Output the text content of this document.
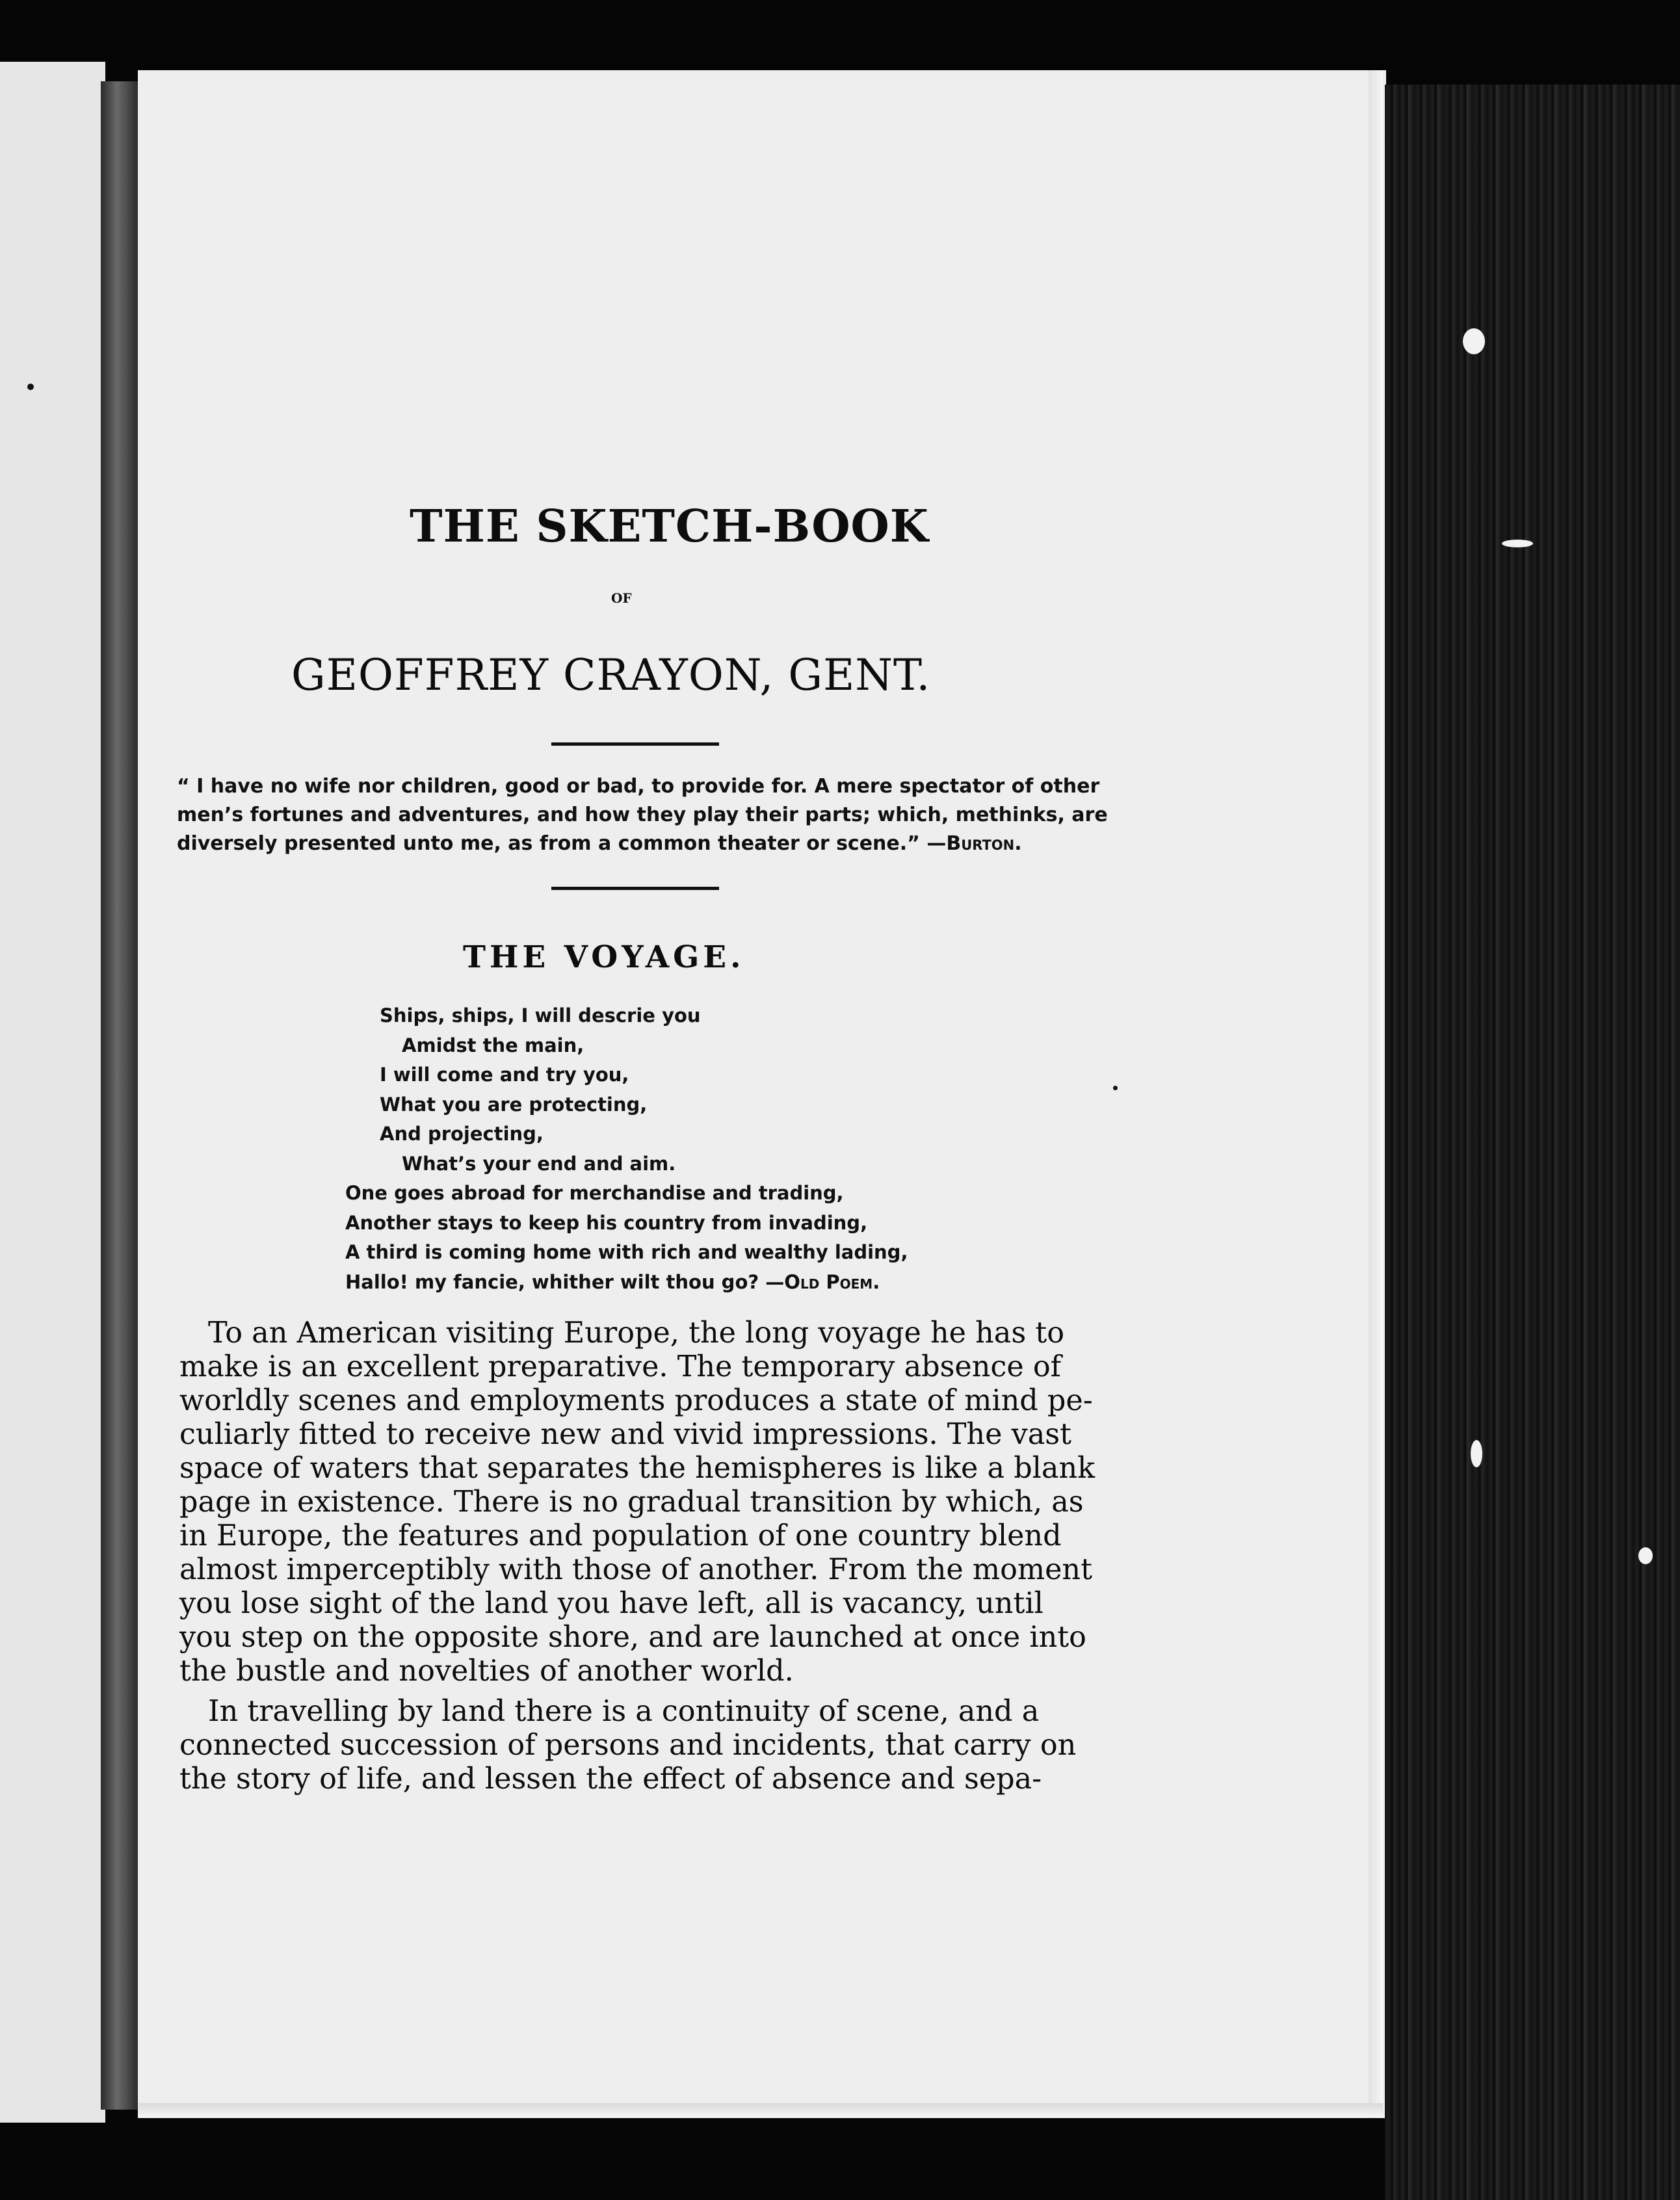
THE SKETCH-BOOK
OF
GEOFFREY CRAYON, GENT.
“ I have no wife nor children, good or bad, to provide for. A mere spectator of other
men’s fortunes and adventures, and how they play their parts; which, methinks, are
diversely presented unto me, as from a common theater or scene.” —Burton.
THE VOYAGE.
Ships, ships, I will descrie you
Amidst the main,
I will come and try you,
What you are protecting,
And projecting,
What’s your end and aim.
One goes abroad for merchandise and trading,
Another stays to keep his country from invading,
A third is coming home with rich and wealthy lading,
Hallo! my fancie, whither wilt thou go? —Old Poem.
To an American visiting Europe, the long voyage he has to
make is an excellent preparative. The temporary absence of
worldly scenes and employments produces a state of mind pe-
culiarly fitted to receive new and vivid impressions. The vast
space of waters that separates the hemispheres is like a blank
page in existence. There is no gradual transition by which, as
in Europe, the features and population of one country blend
almost imperceptibly with those of another. From the moment
you lose sight of the land you have left, all is vacancy, until
you step on the opposite shore, and are launched at once into
the bustle and novelties of another world.
In travelling by land there is a continuity of scene, and a
connected succession of persons and incidents, that carry on
the story of life, and lessen the effect of absence and sepa-
